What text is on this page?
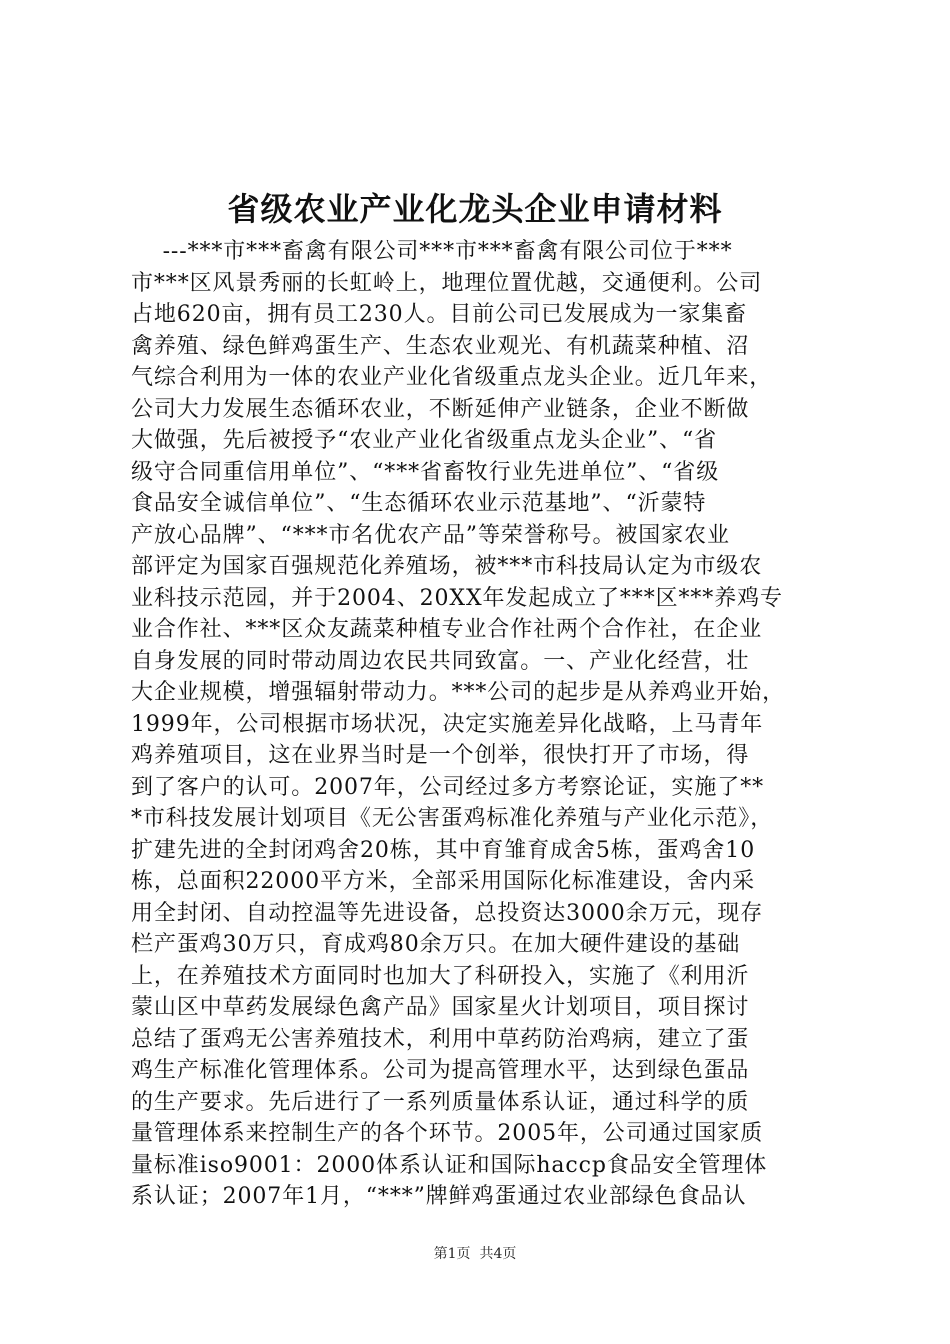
省级农业产业化龙头企业申请材料
---***市***畜禽有限公司***市***畜禽有限公司位于***
市***区风景秀丽的长虹岭上，地理位置优越，交通便利。公司
占地620亩，拥有员工230人。目前公司已发展成为一家集畜
禽养殖、绿色鲜鸡蛋生产、生态农业观光、有机蔬菜种植、沼
气综合利用为一体的农业产业化省级重点龙头企业。近几年来，
公司大力发展生态循环农业，不断延伸产业链条，企业不断做
大做强，先后被授予“农业产业化省级重点龙头企业”、“省
级守合同重信用单位”、“***省畜牧行业先进单位”、“省级
食品安全诚信单位”、“生态循环农业示范基地”、“沂蒙特
产放心品牌”、“***市名优农产品”等荣誉称号。被国家农业
部评定为国家百强规范化养殖场，被***市科技局认定为市级农
业科技示范园，并于2004、20XX年发起成立了***区***养鸡专
业合作社、***区众友蔬菜种植专业合作社两个合作社，在企业
自身发展的同时带动周边农民共同致富。一、产业化经营，壮
大企业规模，增强辐射带动力。***公司的起步是从养鸡业开始，
1999年，公司根据市场状况，决定实施差异化战略，上马青年
鸡养殖项目，这在业界当时是一个创举，很快打开了市场，得
到了客户的认可。2007年，公司经过多方考察论证，实施了**
*市科技发展计划项目《无公害蛋鸡标准化养殖与产业化示范》，
扩建先进的全封闭鸡舍20栋，其中育雏育成舍5栋，蛋鸡舍10
栋，总面积22000平方米，全部采用国际化标准建设，舍内采
用全封闭、自动控温等先进设备，总投资达3000余万元，现存
栏产蛋鸡30万只，育成鸡80余万只。在加大硬件建设的基础
上，在养殖技术方面同时也加大了科研投入，实施了《利用沂
蒙山区中草药发展绿色禽产品》国家星火计划项目，项目探讨
总结了蛋鸡无公害养殖技术，利用中草药防治鸡病，建立了蛋
鸡生产标准化管理体系。公司为提高管理水平，达到绿色蛋品
的生产要求。先后进行了一系列质量体系认证，通过科学的质
量管理体系来控制生产的各个环节。2005年，公司通过国家质
量标准iso9001：2000体系认证和国际haccp食品安全管理体
系认证；2007年1月，“***”牌鲜鸡蛋通过农业部绿色食品认
第1页  共4页
